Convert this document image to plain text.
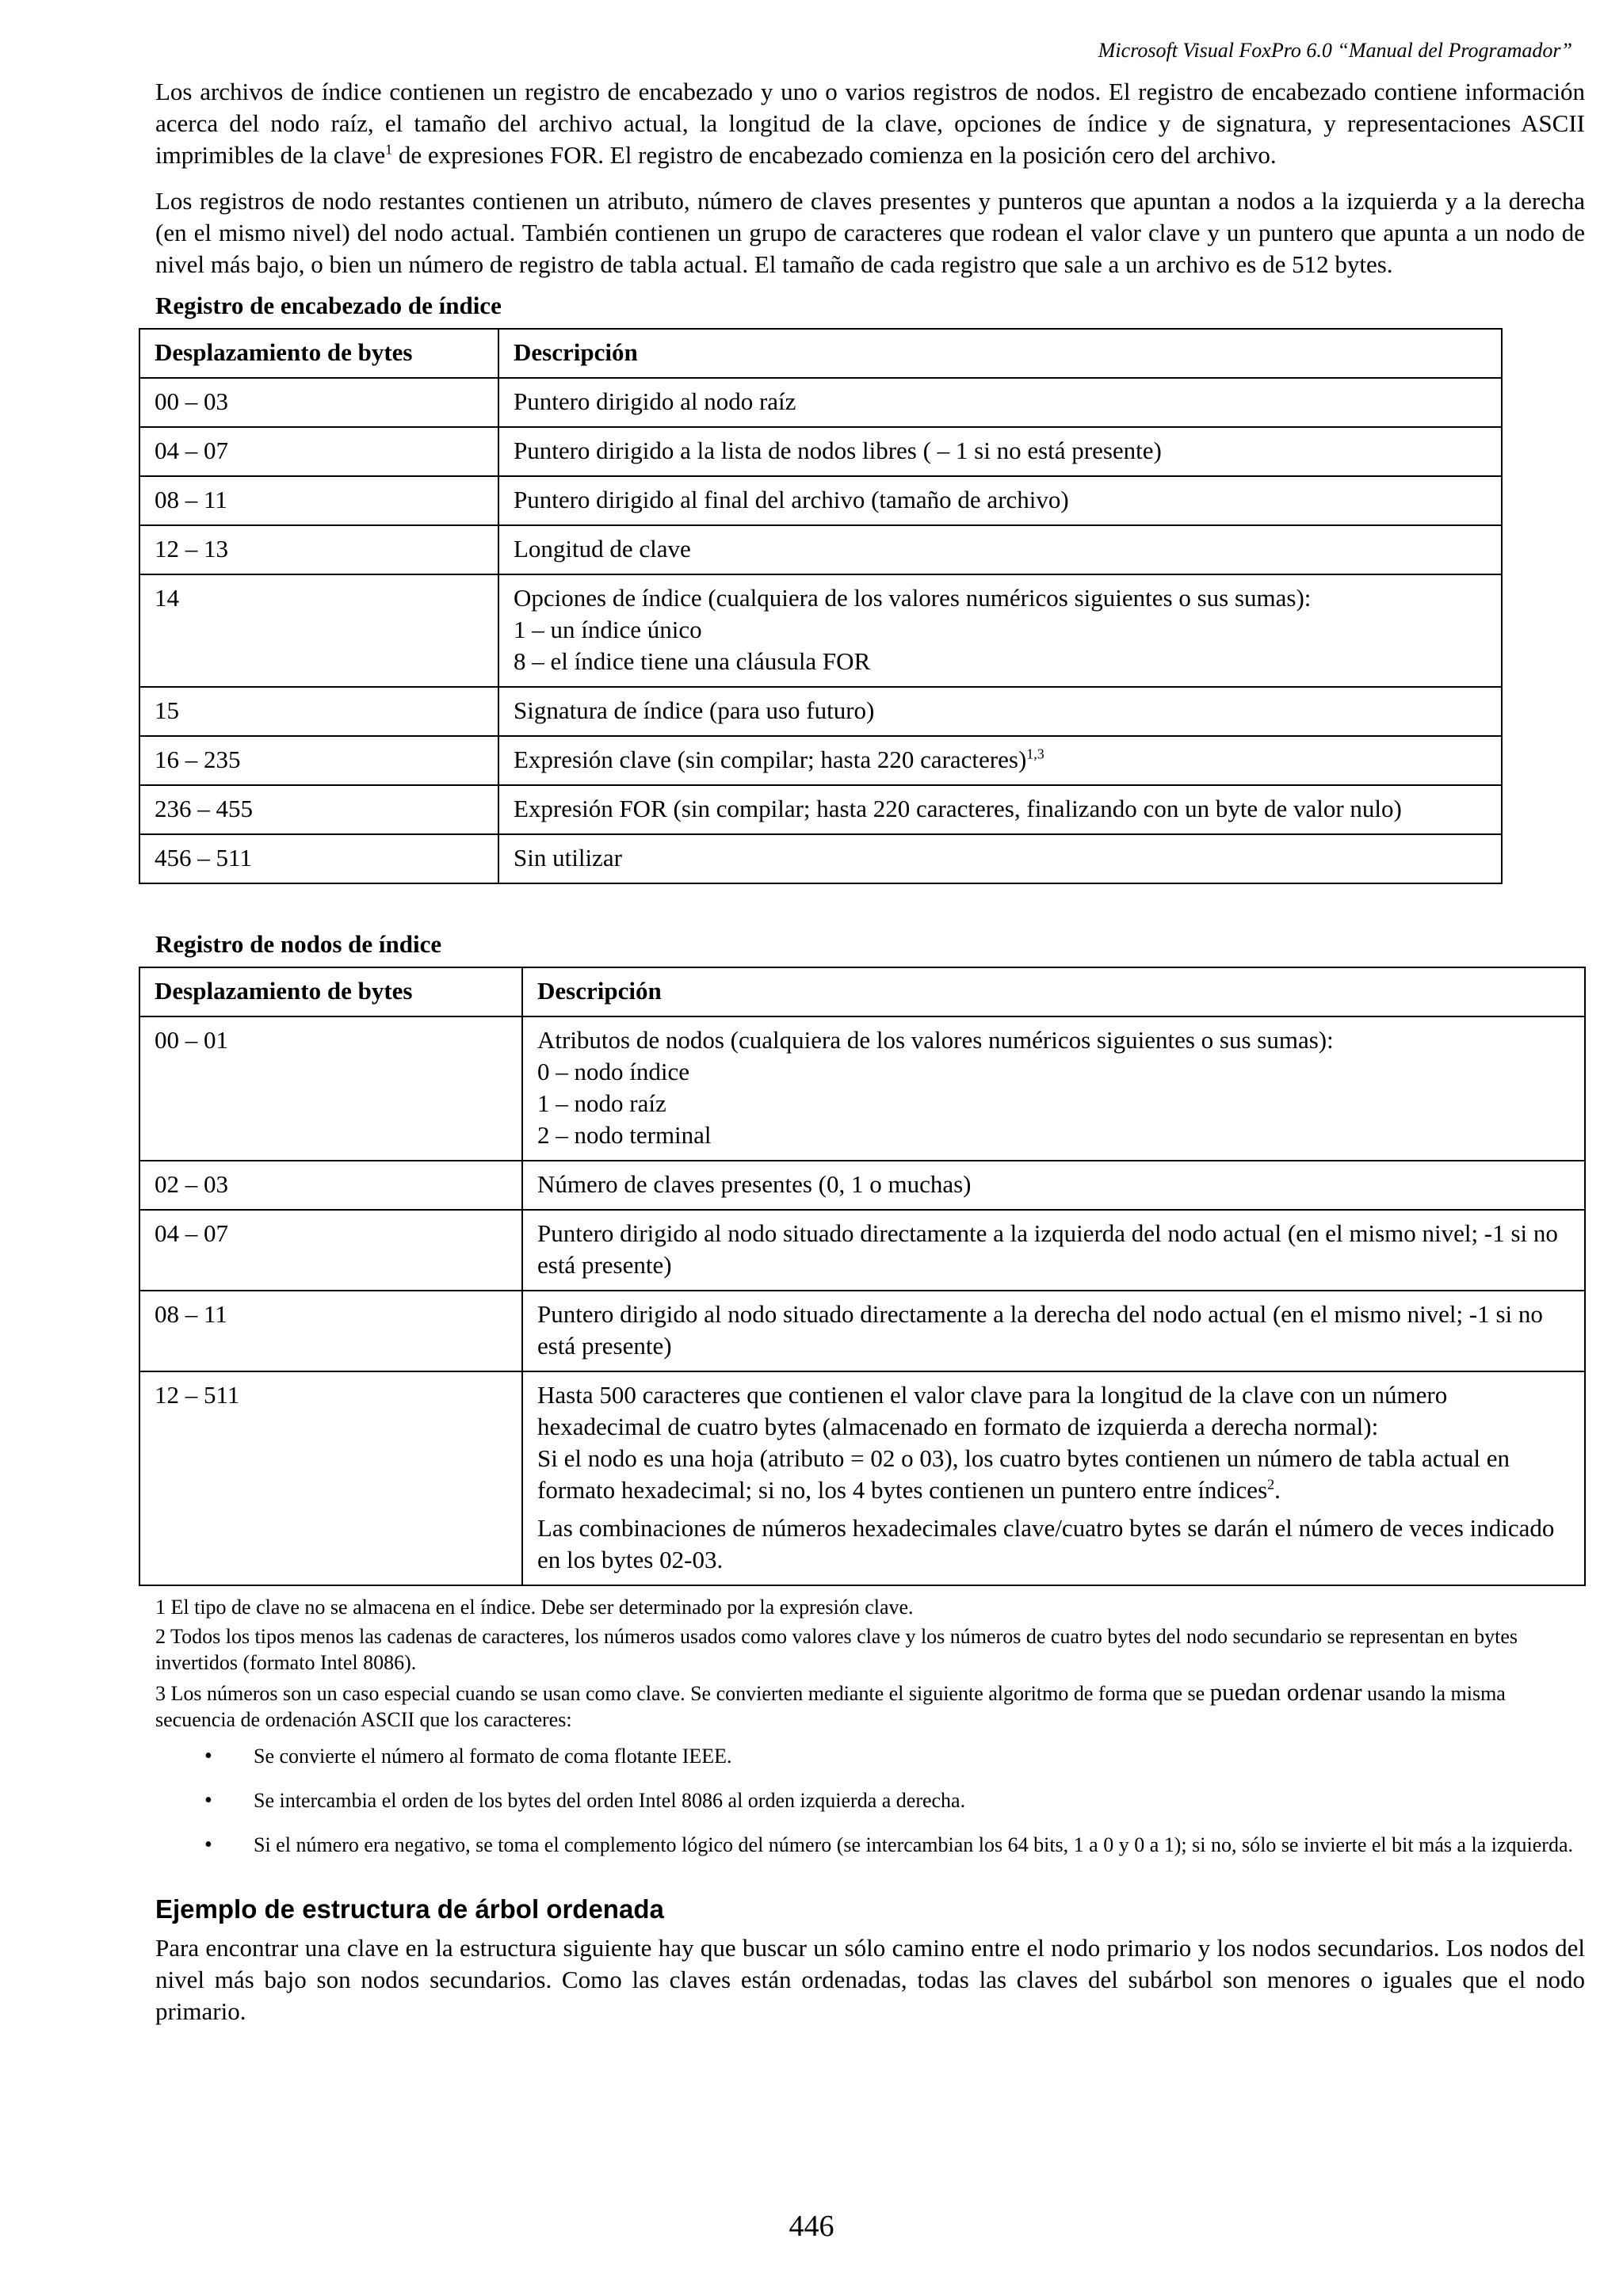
Microsoft Visual FoxPro 6.0 “Manual del Programador”

Los archivos de índice contienen un registro de encabezado y uno o varios registros de nodos. El registro de encabezado contiene información acerca del nodo raíz, el tamaño del archivo actual, la longitud de la clave, opciones de índice y de signatura, y representaciones ASCII imprimibles de la clave$^1$ de expresiones FOR. El registro de encabezado comienza en la posición cero del archivo.

Los registros de nodo restantes contienen un atributo, número de claves presentes y punteros que apuntan a nodos a la izquierda y a la derecha (en el mismo nivel) del nodo actual. También contienen un grupo de caracteres que rodean el valor clave y un puntero que apunta a un nodo de nivel más bajo, o bien un número de registro de tabla actual. El tamaño de cada registro que sale a un archivo es de 512 bytes.

Registro de encabezado de índice
Desplazamiento de bytes	Descripción
00 – 03	Puntero dirigido al nodo raíz
04 – 07	Puntero dirigido a la lista de nodos libres ( – 1 si no está presente)
08 – 11	Puntero dirigido al final del archivo (tamaño de archivo)
12 – 13	Longitud de clave
14	Opciones de índice (cualquiera de los valores numéricos siguientes o sus sumas):
1 – un índice único
8 – el índice tiene una cláusula FOR

15	Signatura de índice (para uso futuro)
16 – 235	Expresión clave (sin compilar; hasta 220 caracteres)$^{1,3}$
236 – 455	Expresión FOR (sin compilar; hasta 220 caracteres, finalizando con un byte de valor nulo)
456 – 511	Sin utilizar
Registro de nodos de índice
Desplazamiento de bytes	Descripción
00 – 01	Atributos de nodos (cualquiera de los valores numéricos siguientes o sus sumas):
0 – nodo índice
1 – nodo raíz
2 – nodo terminal

02 – 03	Número de claves presentes (0, 1 o muchas)
04 – 07	Puntero dirigido al nodo situado directamente a la izquierda del nodo actual (en el mismo nivel; -1 si no está presente)
08 – 11	Puntero dirigido al nodo situado directamente a la derecha del nodo actual (en el mismo nivel; -1 si no está presente)
12 – 511	Hasta 500 caracteres que contienen el valor clave para la longitud de la clave con un número hexadecimal de cuatro bytes (almacenado en formato de izquierda a derecha normal):
Si el nodo es una hoja (atributo = 02 o 03), los cuatro bytes contienen un número de tabla actual en formato hexadecimal; si no, los 4 bytes contienen un puntero entre índices$^2$.
Las combinaciones de números hexadecimales clave/cuatro bytes se darán el número de veces indicado en los bytes 02-03.
1 El tipo de clave no se almacena en el índice. Debe ser determinado por la expresión clave.
2 Todos los tipos menos las cadenas de caracteres, los números usados como valores clave y los números de cuatro bytes del nodo secundario se representan en bytes invertidos (formato Intel 8086).
3 Los números son un caso especial cuando se usan como clave. Se convierten mediante el siguiente algoritmo de forma que se puedan ordenar usando la misma secuencia de ordenación ASCII que los caracteres:
• Se convierte el número al formato de coma flotante IEEE.
• Se intercambia el orden de los bytes del orden Intel 8086 al orden izquierda a derecha.
• Si el número era negativo, se toma el complemento lógico del número (se intercambian los 64 bits, 1 a 0 y 0 a 1); si no, sólo se invierte el bit más a la izquierda.
Ejemplo de estructura de árbol ordenada

Para encontrar una clave en la estructura siguiente hay que buscar un sólo camino entre el nodo primario y los nodos secundarios. Los nodos del nivel más bajo son nodos secundarios. Como las claves están ordenadas, todas las claves del subárbol son menores o iguales que el nodo primario.

446
